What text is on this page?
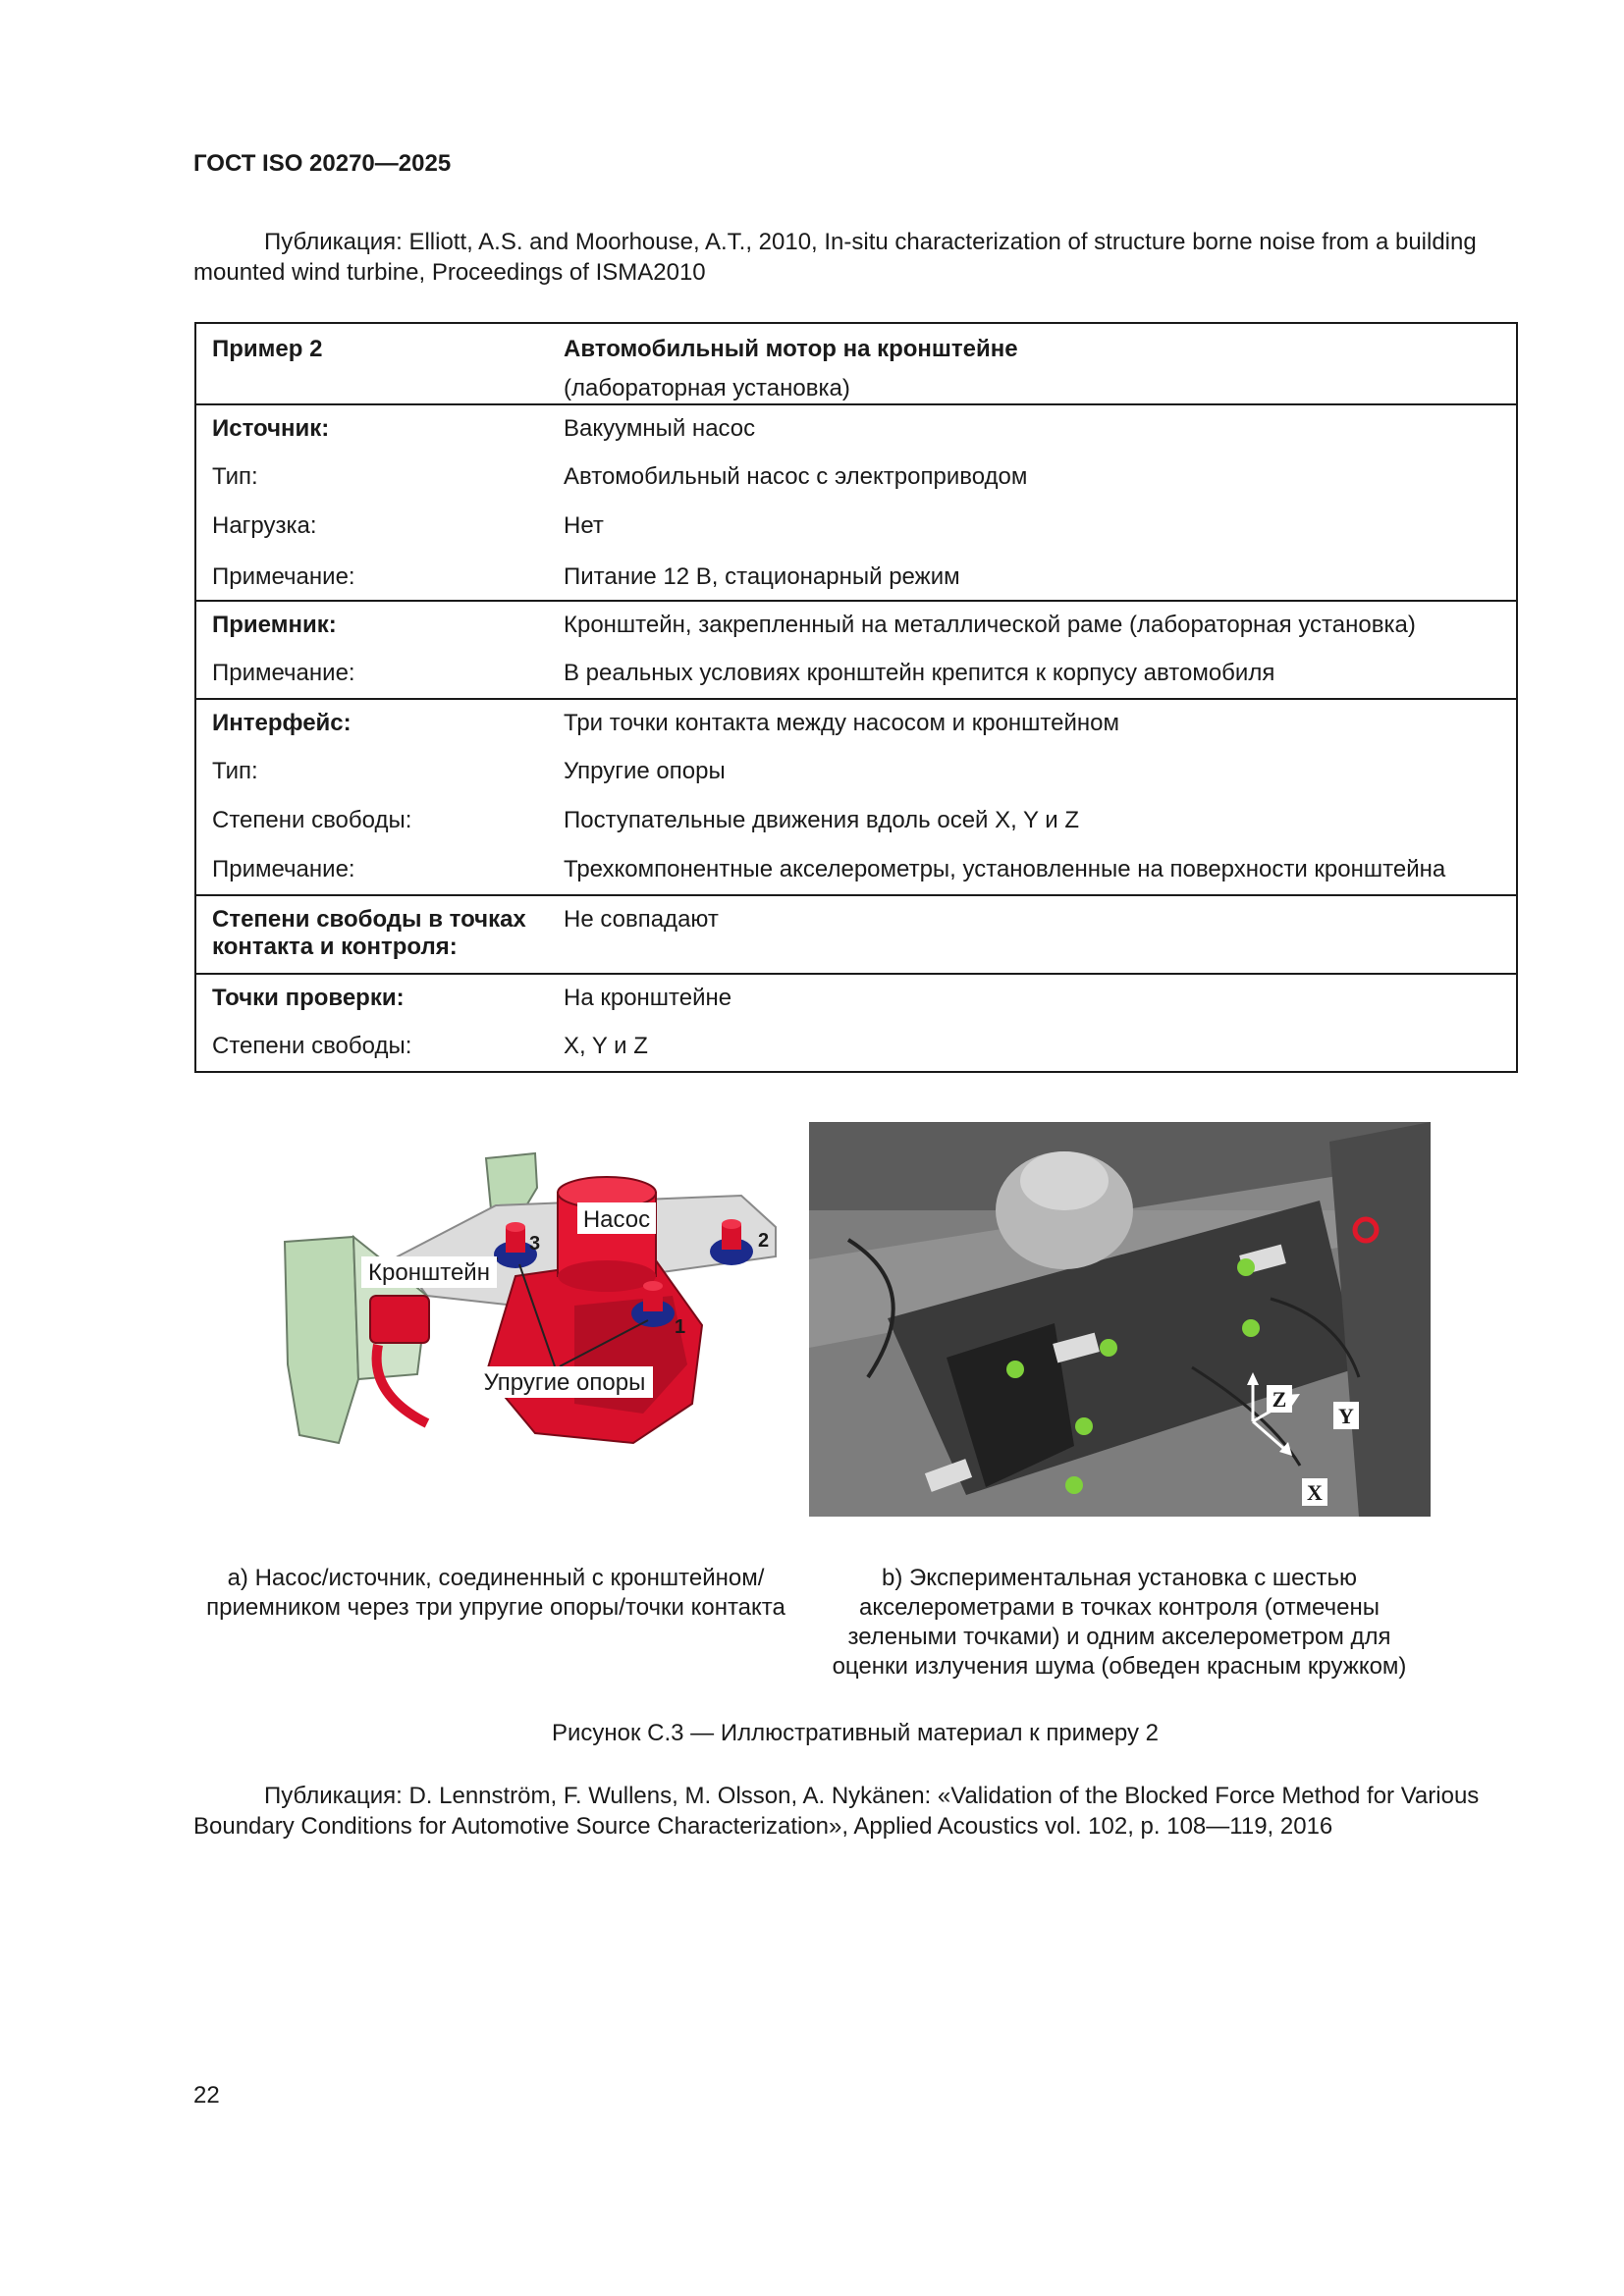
ГОСТ ISO 20270—2025
Публикация: Elliott, A.S. and Moorhouse, A.T., 2010, In-situ characterization of structure borne noise from a building mounted wind turbine, Proceedings of ISMA2010
Пример 2	Автомобильный мотор на кронштейне
	(лабораторная установка)
Источник:	Вакуумный насос
Тип:	Автомобильный насос с электроприводом
Нагрузка:	Нет
Примечание:	Питание 12 В, стационарный режим
Приемник:	Кронштейн, закрепленный на металлической раме (лабораторная установка)
Примечание:	В реальных условиях кронштейн крепится к корпусу автомобиля
Интерфейс:	Три точки контакта между насосом и кронштейном
Тип:	Упругие опоры
Степени свободы:	Поступательные движения вдоль осей X, Y и Z
Примечание:	Трехкомпонентные акселерометры, установленные на поверхности кронштейна
Степени свободы в точках контакта и контроля:	Не совпадают
Точки проверки:	На кронштейне
Степени свободы:	X, Y и Z
Насос
Кронштейн
Упругие опоры
3	2
1
Z
Y
X
a) Насос/источник, соединенный с кронштейном/ приемником через три упругие опоры/точки контакта
b) Экспериментальная установка с шестью акселерометрами в точках контроля (отмечены зелеными точками) и одним акселерометром для оценки излучения шума (обведен красным кружком)
Рисунок С.3 — Иллюстративный материал к примеру 2
Публикация: D. Lennström, F. Wullens, M. Olsson, A. Nykänen: «Validation of the Blocked Force Method for Various Boundary Conditions for Automotive Source Characterization», Applied Acoustics vol. 102, p. 108—119, 2016
22
